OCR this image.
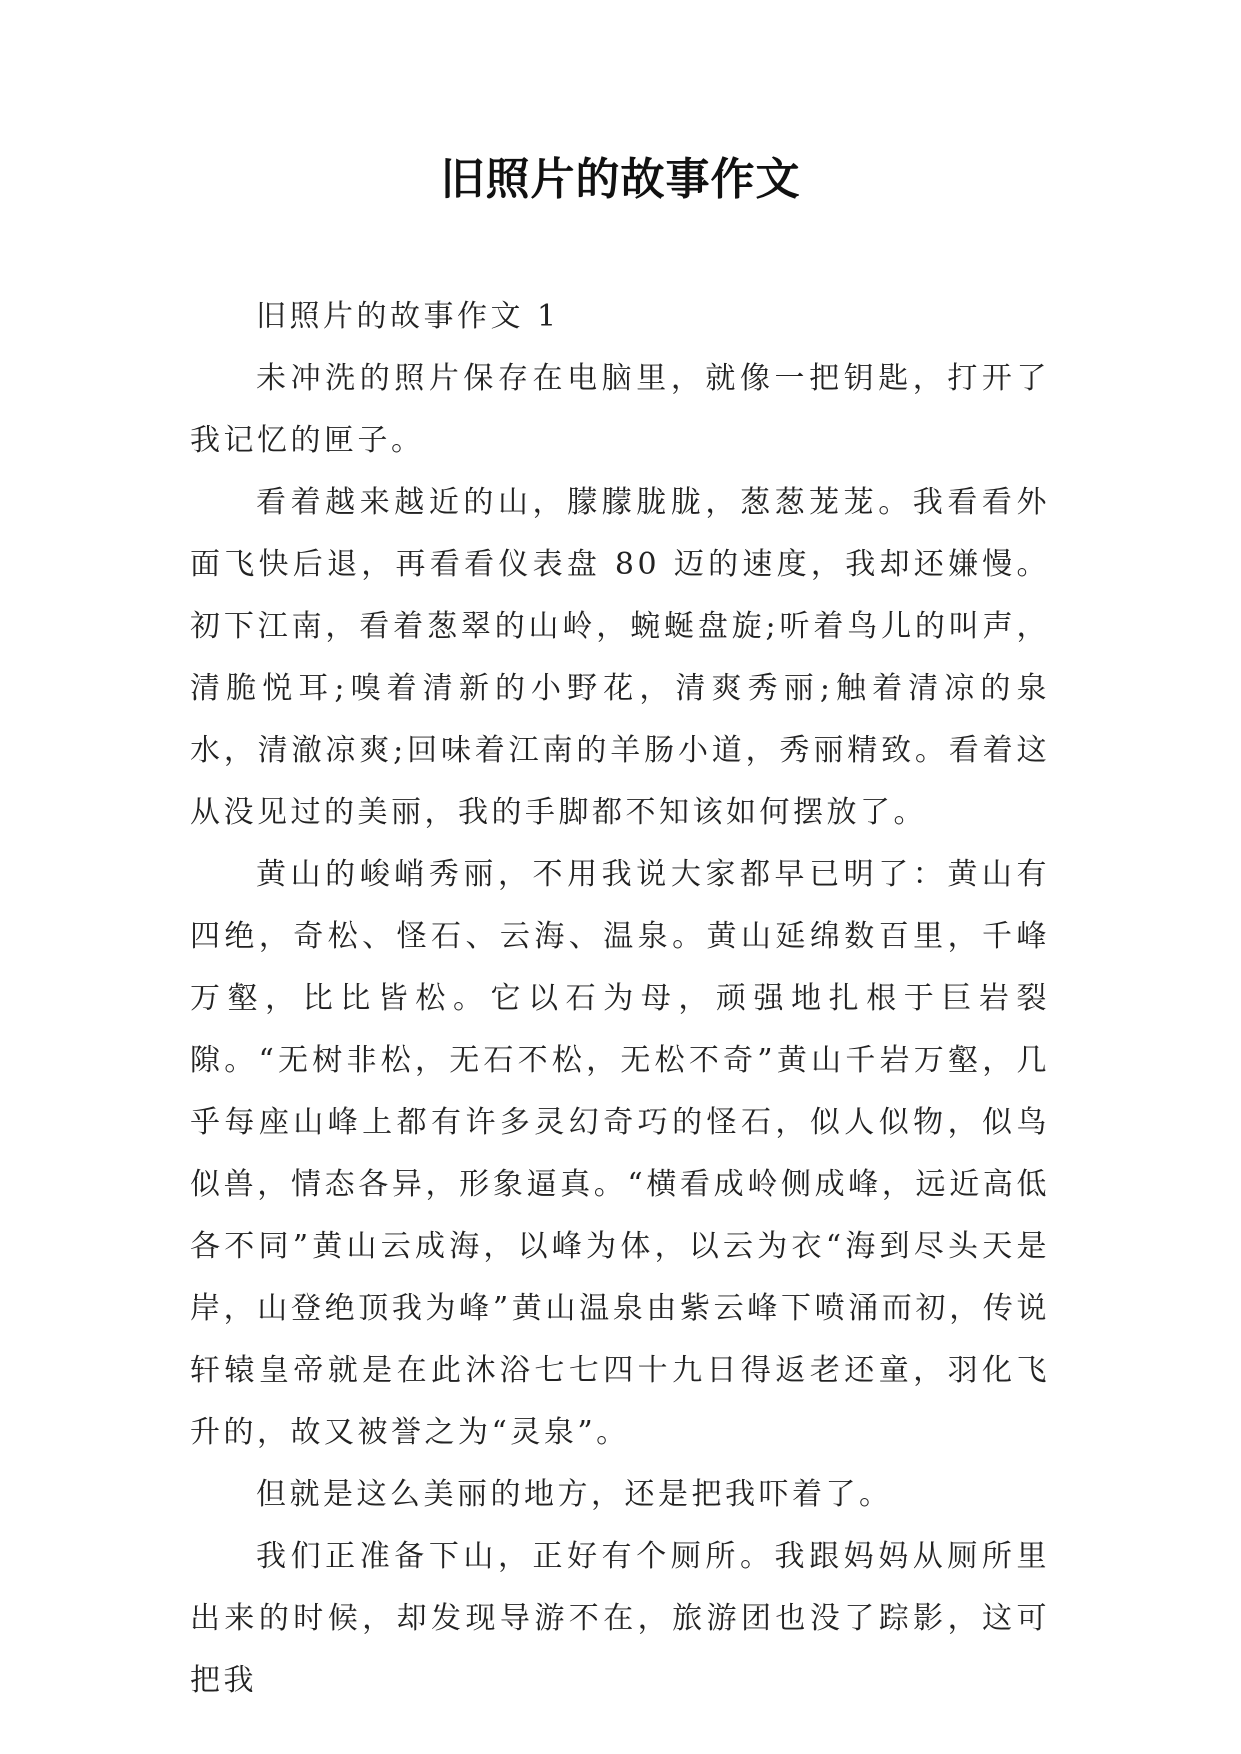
旧照片的故事作文

旧照片的故事作文 1

未冲洗的照片保存在电脑里，就像一把钥匙，打开了我记忆的匣子。

看着越来越近的山，朦朦胧胧，葱葱茏茏。我看看外面飞快后退，再看看仪表盘 80 迈的速度，我却还嫌慢。初下江南，看着葱翠的山岭，蜿蜒盘旋;听着鸟儿的叫声，清脆悦耳;嗅着清新的小野花，清爽秀丽;触着清凉的泉水，清澈凉爽;回味着江南的羊肠小道，秀丽精致。看着这从没见过的美丽，我的手脚都不知该如何摆放了。

黄山的峻峭秀丽，不用我说大家都早已明了：黄山有四绝，奇松、怪石、云海、温泉。黄山延绵数百里，千峰万壑，比比皆松。它以石为母，顽强地扎根于巨岩裂隙。“无树非松，无石不松，无松不奇”黄山千岩万壑，几乎每座山峰上都有许多灵幻奇巧的怪石，似人似物，似鸟似兽，情态各异，形象逼真。“横看成岭侧成峰，远近高低各不同”黄山云成海，以峰为体，以云为衣“海到尽头天是岸，山登绝顶我为峰”黄山温泉由紫云峰下喷涌而初，传说轩辕皇帝就是在此沐浴七七四十九日得返老还童，羽化飞升的，故又被誉之为“灵泉”。

但就是这么美丽的地方，还是把我吓着了。

我们正准备下山，正好有个厕所。我跟妈妈从厕所里出来的时候，却发现导游不在，旅游团也没了踪影，这可把我
